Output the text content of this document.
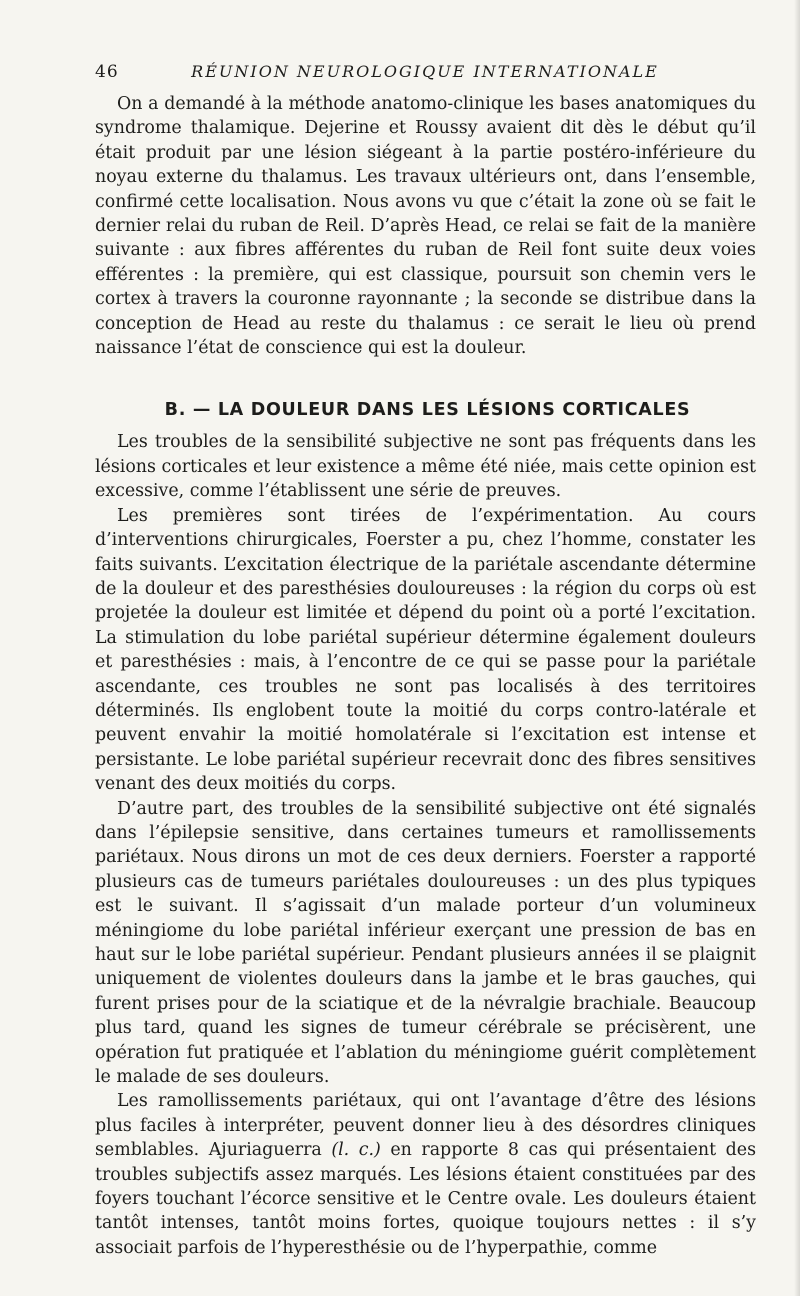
46	RÉUNION NEUROLOGIQUE INTERNATIONALE

On a demandé à la méthode anatomo-clinique les bases anatomiques du syndrome thalamique. Dejerine et Roussy avaient dit dès le début qu’il était produit par une lésion siégeant à la partie postéro-inférieure du noyau externe du thalamus. Les travaux ultérieurs ont, dans l’ensemble, confirmé cette localisation. Nous avons vu que c’était la zone où se fait le dernier relai du ruban de Reil. D’après Head, ce relai se fait de la manière suivante : aux fibres afférentes du ruban de Reil font suite deux voies efférentes : la première, qui est classique, poursuit son chemin vers le cortex à travers la couronne rayonnante ; la seconde se distribue dans la conception de Head au reste du thalamus : ce serait le lieu où prend naissance l’état de conscience qui est la douleur.

B. — LA DOULEUR DANS LES LÉSIONS CORTICALES

Les troubles de la sensibilité subjective ne sont pas fréquents dans les lésions corticales et leur existence a même été niée, mais cette opinion est excessive, comme l’établissent une série de preuves.

Les premières sont tirées de l’expérimentation. Au cours d’interventions chirurgicales, Foerster a pu, chez l’homme, constater les faits suivants. L’excitation électrique de la pariétale ascendante détermine de la douleur et des paresthésies douloureuses : la région du corps où est projetée la douleur est limitée et dépend du point où a porté l’excitation. La stimulation du lobe pariétal supérieur détermine également douleurs et paresthésies : mais, à l’encontre de ce qui se passe pour la pariétale ascendante, ces troubles ne sont pas localisés à des territoires déterminés. Ils englobent toute la moitié du corps contro-latérale et peuvent envahir la moitié homolatérale si l’excitation est intense et persistante. Le lobe pariétal supérieur recevrait donc des fibres sensitives venant des deux moitiés du corps.

D’autre part, des troubles de la sensibilité subjective ont été signalés dans l’épilepsie sensitive, dans certaines tumeurs et ramollissements pariétaux. Nous dirons un mot de ces deux derniers. Foerster a rapporté plusieurs cas de tumeurs pariétales douloureuses : un des plus typiques est le suivant. Il s’agissait d’un malade porteur d’un volumineux méningiome du lobe pariétal inférieur exerçant une pression de bas en haut sur le lobe pariétal supérieur. Pendant plusieurs années il se plaignit uniquement de violentes douleurs dans la jambe et le bras gauches, qui furent prises pour de la sciatique et de la névralgie brachiale. Beaucoup plus tard, quand les signes de tumeur cérébrale se précisèrent, une opération fut pratiquée et l’ablation du méningiome guérit complètement le malade de ses douleurs.

Les ramollissements pariétaux, qui ont l’avantage d’être des lésions plus faciles à interpréter, peuvent donner lieu à des désordres cliniques semblables. Ajuriaguerra (l. c.) en rapporte 8 cas qui présentaient des troubles subjectifs assez marqués. Les lésions étaient constituées par des foyers touchant l’écorce sensitive et le Centre ovale. Les douleurs étaient tantôt intenses, tantôt moins fortes, quoique toujours nettes : il s’y associait parfois de l’hyperesthésie ou de l’hyperpathie, comme
